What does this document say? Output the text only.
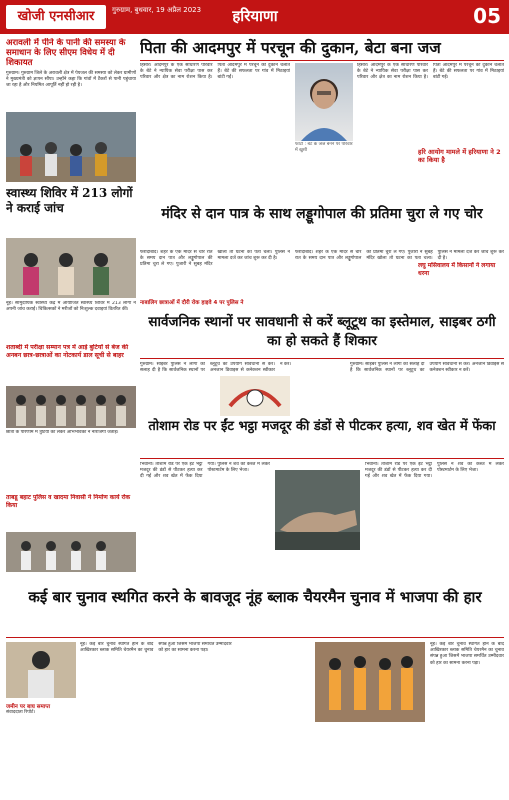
खोजी एनसीआर	गुरुग्राम, बुधवार, 19 अप्रैल 2023	हरियाणा	05
अरावली में पीने के पानी की समस्या के समाधान के लिए सीएम विधेय में दी शिकायत
गुरुग्राम। गुरुग्राम जिले के अरावली क्षेत्र में पेयजल की समस्या को लेकर ग्रामीणों ने मुख्यमंत्री को ज्ञापन सौंपा। उन्होंने कहा कि गांवों में टैंकरों से पानी पहुंचाया जा रहा है और नियमित आपूर्ति नहीं हो रही है।
पिता की आदमपुर में परचून की दुकान, बेटा बना जज
हिसार। आदमपुर के एक साधारण परिवार के बेटे ने न्यायिक सेवा परीक्षा पास कर परिवार और क्षेत्र का नाम रोशन किया है। पिता आदमपुर में परचून की दुकान चलाते हैं। बेटे की सफलता पर गांव में मिठाइयां बांटी गईं।
फोटो : बेटे के जज बनने पर परिवार में खुशी
हिसार। आदमपुर के एक साधारण परिवार के बेटे ने न्यायिक सेवा परीक्षा पास कर परिवार और क्षेत्र का नाम रोशन किया है। पिता आदमपुर में परचून की दुकान चलाते हैं। बेटे की सफलता पर गांव में मिठाइयां बांटी गईं।
मंदिर से दान पात्र के साथ लड्डूगोपाल की प्रतिमा चुरा ले गए चोर
स्वास्थ्य शिविर में 213 लोगों ने कराई जांच
नूंह। सामुदायिक स्वास्थ्य केंद्र में आयोजित स्वास्थ्य शिविर में 213 लोगों ने अपनी जांच कराई। चिकित्सकों ने मरीजों को निःशुल्क दवाइयां वितरित कीं।
फरीदाबाद। शहर के एक मंदिर से चोर रात के समय दान पात्र और लड्डूगोपाल की प्रतिमा चुरा ले गए। पुजारी ने सुबह मंदिर खोला तो घटना का पता चला। पुलिस ने मामला दर्ज कर जांच शुरू कर दी है।
नाबालिग छात्राओं में दौरी रोक हाइवे 4 पर पुलिस ने
फरीदाबाद। शहर के एक मंदिर से चोर रात के समय दान पात्र और लड्डूगोपाल की प्रतिमा चुरा ले गए। पुजारी ने सुबह मंदिर खोला तो घटना का पता चला। पुलिस ने मामला दर्ज कर जांच शुरू कर दी है।
शताब्दी में परीक्षा सम्मान पत्र में आई बुटियों से बेज की अनबन छात्र-छात्राओं का नोटकार्य डाल सूची से बाहर
छात्रों के परिणाम में त्रुटियों को लेकर अभिभावकों ने नाराजगी जताई।
हरि आयोग मामले में हरियाणा ने 2 का किया है
सार्वजनिक स्थानों पर सावधानी से करें ब्लूटूथ का इस्तेमाल, साइबर ठगी का हो सकते हैं शिकार
गुरुग्राम। साइबर पुलिस ने लोगों को सलाह दी है कि सार्वजनिक स्थानों पर ब्लूटूथ का उपयोग सावधानी से करें। अनजान डिवाइस से कनेक्शन स्वीकार न करें।	गुरुग्राम। साइबर पुलिस ने लोगों को सलाह दी है कि सार्वजनिक स्थानों पर ब्लूटूथ का उपयोग सावधानी से करें। अनजान डिवाइस से कनेक्शन स्वीकार न करें।
तोशाम रोड पर ईंट भट्ठा मजदूर की डंडों से पीटकर हत्या, शव खेत में फेंका
भिवानी। तोशाम रोड पर एक ईंट भट्ठा मजदूर की डंडों से पीटकर हत्या कर दी गई और शव खेत में फेंक दिया गया। पुलिस ने शव को कब्जे में लेकर पोस्टमार्टम के लिए भेजा।
भिवानी। तोशाम रोड पर एक ईंट भट्ठा मजदूर की डंडों से पीटकर हत्या कर दी गई और शव खेत में फेंक दिया गया। पुलिस ने शव को कब्जे में लेकर पोस्टमार्टम के लिए भेजा।
ताबडू बहाट पुलिस व खादमा निवासी ने निर्माण कार्य रोक किया
कई बार चुनाव स्थगित करने के बावजूद नूंह ब्लाक चैयरमैन चुनाव में भाजपा की हार
नूंह। कई बार चुनाव स्थगित होने के बाद आखिरकार ब्लाक समिति चेयरमैन का चुनाव संपन्न हुआ जिसमें भाजपा समर्थित उम्मीदवार को हार का सामना करना पड़ा।
नूंह। कई बार चुनाव स्थगित होने के बाद आखिरकार ब्लाक समिति चेयरमैन का चुनाव संपन्न हुआ जिसमें भाजपा समर्थित उम्मीदवार को हार का सामना करना पड़ा।
लघु मसिवालय में किसानों ने लगाया धरना
जमीन पर बाघ समाप्त
संवाददाता रिपोर्ट।
